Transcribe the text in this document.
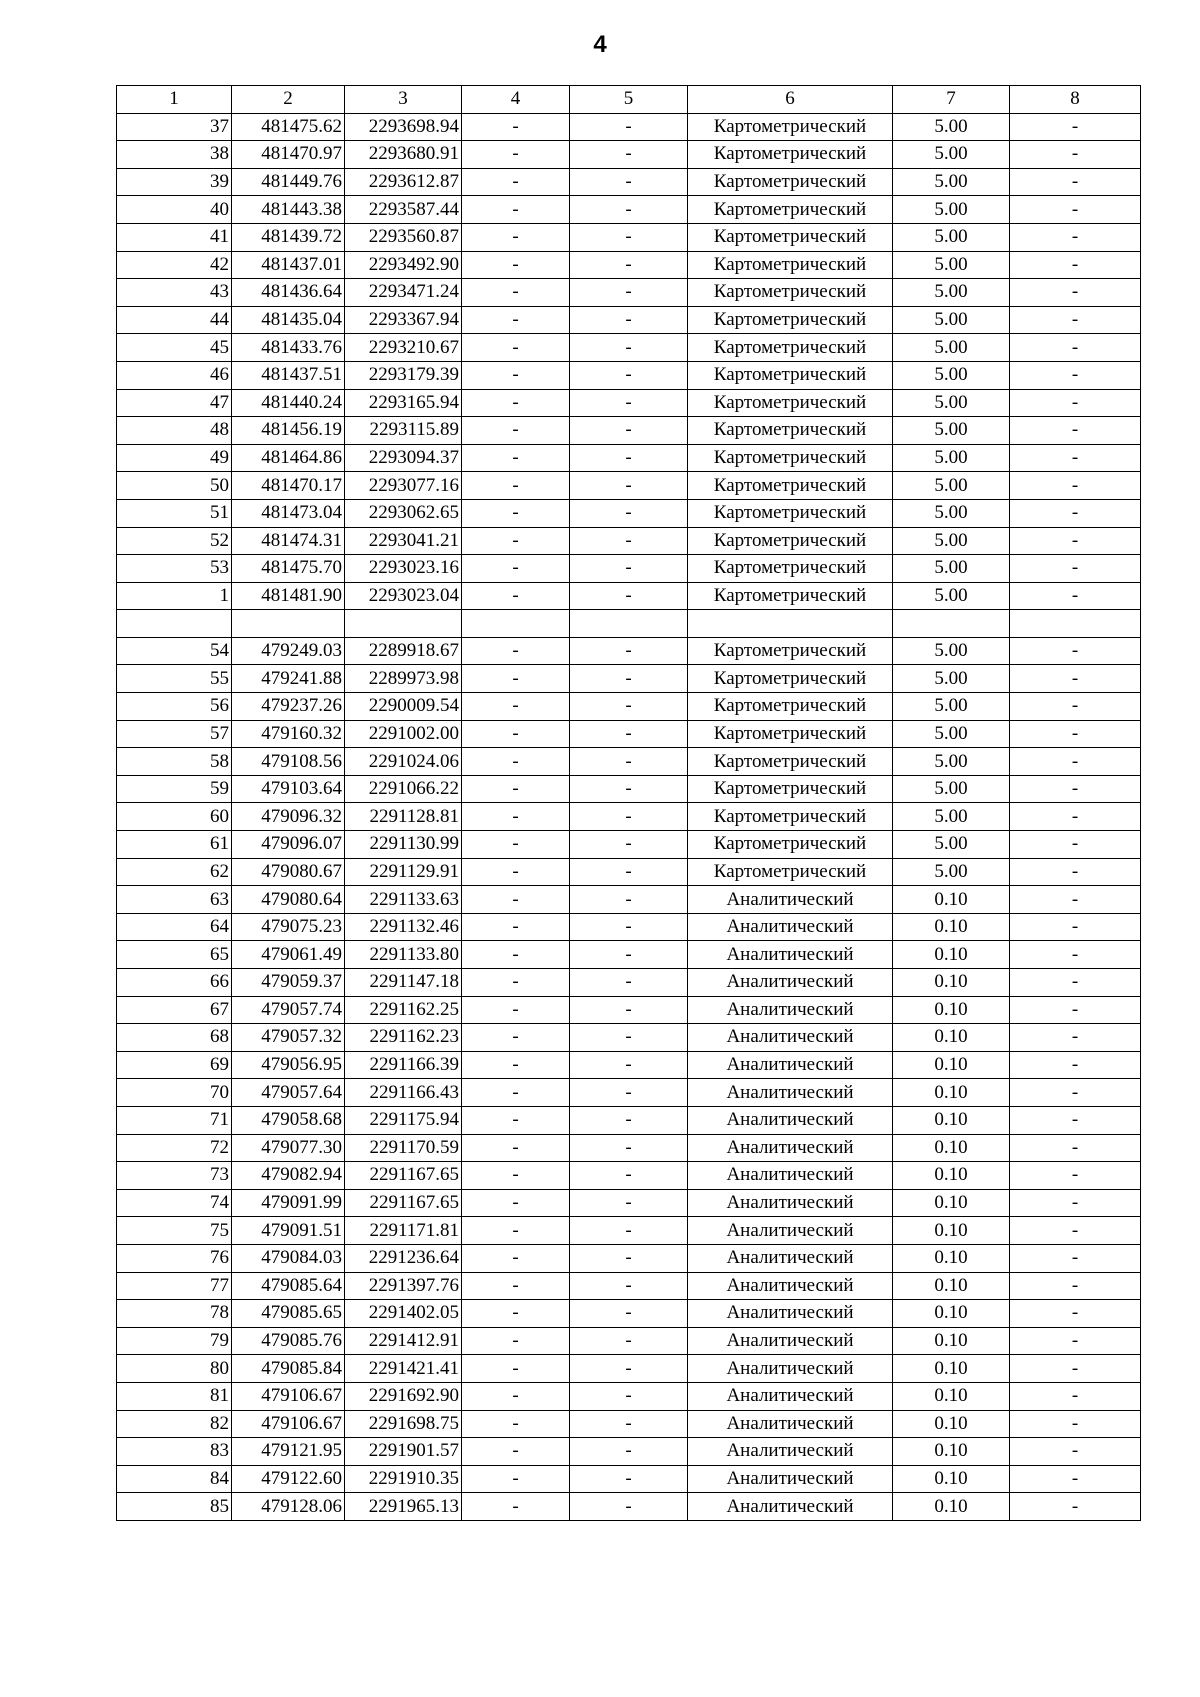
4
1	2	3	4	5	6	7	8
37	481475.62	2293698.94	-	-	Картометрический	5.00	-
38	481470.97	2293680.91	-	-	Картометрический	5.00	-
39	481449.76	2293612.87	-	-	Картометрический	5.00	-
40	481443.38	2293587.44	-	-	Картометрический	5.00	-
41	481439.72	2293560.87	-	-	Картометрический	5.00	-
42	481437.01	2293492.90	-	-	Картометрический	5.00	-
43	481436.64	2293471.24	-	-	Картометрический	5.00	-
44	481435.04	2293367.94	-	-	Картометрический	5.00	-
45	481433.76	2293210.67	-	-	Картометрический	5.00	-
46	481437.51	2293179.39	-	-	Картометрический	5.00	-
47	481440.24	2293165.94	-	-	Картометрический	5.00	-
48	481456.19	2293115.89	-	-	Картометрический	5.00	-
49	481464.86	2293094.37	-	-	Картометрический	5.00	-
50	481470.17	2293077.16	-	-	Картометрический	5.00	-
51	481473.04	2293062.65	-	-	Картометрический	5.00	-
52	481474.31	2293041.21	-	-	Картометрический	5.00	-
53	481475.70	2293023.16	-	-	Картометрический	5.00	-
1	481481.90	2293023.04	-	-	Картометрический	5.00	-

54	479249.03	2289918.67	-	-	Картометрический	5.00	-
55	479241.88	2289973.98	-	-	Картометрический	5.00	-
56	479237.26	2290009.54	-	-	Картометрический	5.00	-
57	479160.32	2291002.00	-	-	Картометрический	5.00	-
58	479108.56	2291024.06	-	-	Картометрический	5.00	-
59	479103.64	2291066.22	-	-	Картометрический	5.00	-
60	479096.32	2291128.81	-	-	Картометрический	5.00	-
61	479096.07	2291130.99	-	-	Картометрический	5.00	-
62	479080.67	2291129.91	-	-	Картометрический	5.00	-
63	479080.64	2291133.63	-	-	Аналитический	0.10	-
64	479075.23	2291132.46	-	-	Аналитический	0.10	-
65	479061.49	2291133.80	-	-	Аналитический	0.10	-
66	479059.37	2291147.18	-	-	Аналитический	0.10	-
67	479057.74	2291162.25	-	-	Аналитический	0.10	-
68	479057.32	2291162.23	-	-	Аналитический	0.10	-
69	479056.95	2291166.39	-	-	Аналитический	0.10	-
70	479057.64	2291166.43	-	-	Аналитический	0.10	-
71	479058.68	2291175.94	-	-	Аналитический	0.10	-
72	479077.30	2291170.59	-	-	Аналитический	0.10	-
73	479082.94	2291167.65	-	-	Аналитический	0.10	-
74	479091.99	2291167.65	-	-	Аналитический	0.10	-
75	479091.51	2291171.81	-	-	Аналитический	0.10	-
76	479084.03	2291236.64	-	-	Аналитический	0.10	-
77	479085.64	2291397.76	-	-	Аналитический	0.10	-
78	479085.65	2291402.05	-	-	Аналитический	0.10	-
79	479085.76	2291412.91	-	-	Аналитический	0.10	-
80	479085.84	2291421.41	-	-	Аналитический	0.10	-
81	479106.67	2291692.90	-	-	Аналитический	0.10	-
82	479106.67	2291698.75	-	-	Аналитический	0.10	-
83	479121.95	2291901.57	-	-	Аналитический	0.10	-
84	479122.60	2291910.35	-	-	Аналитический	0.10	-
85	479128.06	2291965.13	-	-	Аналитический	0.10	-
